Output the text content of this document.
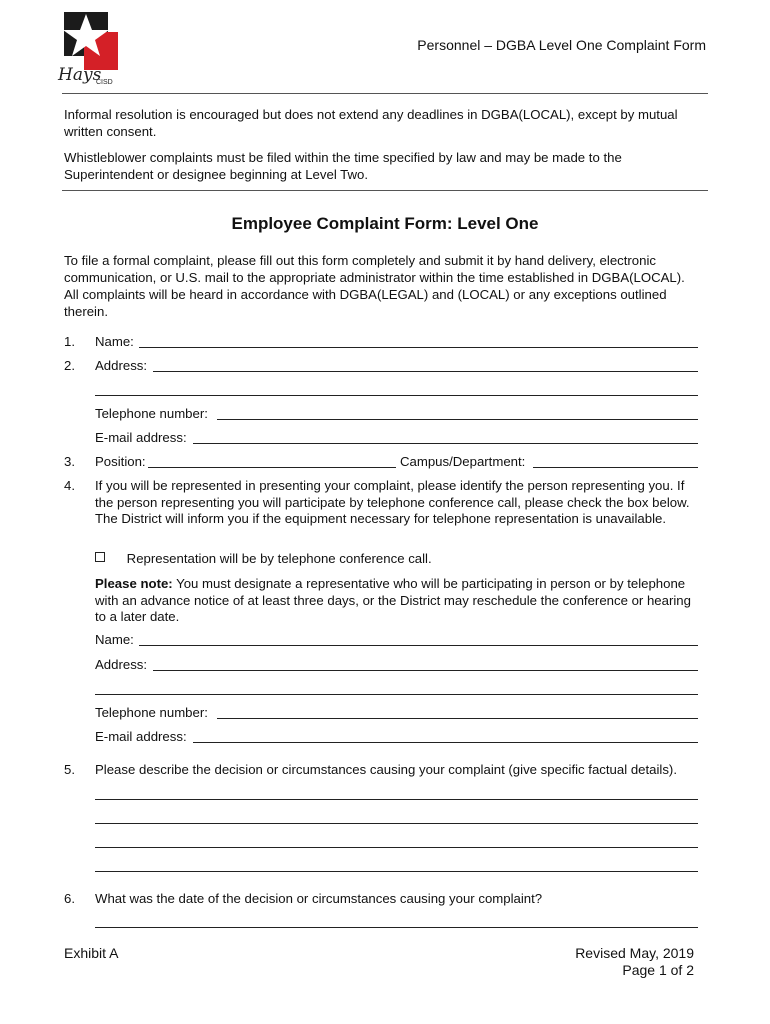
Hays
CISD
Personnel – DGBA Level One Complaint Form
Informal resolution is encouraged but does not extend any deadlines in DGBA(LOCAL), except by mutual written consent.
Whistleblower complaints must be filed within the time specified by law and may be made to the Superintendent or designee beginning at Level Two.
Employee Complaint Form: Level One
To file a formal complaint, please fill out this form completely and submit it by hand delivery, electronic communication, or U.S. mail to the appropriate administrator within the time established in DGBA(LOCAL). All complaints will be heard in accordance with DGBA(LEGAL) and (LOCAL) or any exceptions outlined therein.
1. Name:
2. Address:
Telephone number:
E-mail address:
3. Position:	Campus/Department:
4. If you will be represented in presenting your complaint, please identify the person representing you. If the person representing you will participate by telephone conference call, please check the box below. The District will inform you if the equipment necessary for telephone representation is unavailable.
Representation will be by telephone conference call.
Please note: You must designate a representative who will be participating in person or by telephone with an advance notice of at least three days, or the District may reschedule the conference or hearing to a later date.
Name:
Address:
Telephone number:
E-mail address:
5. Please describe the decision or circumstances causing your complaint (give specific factual details).
6. What was the date of the decision or circumstances causing your complaint?
Exhibit A	Revised May, 2019
Page 1 of 2
